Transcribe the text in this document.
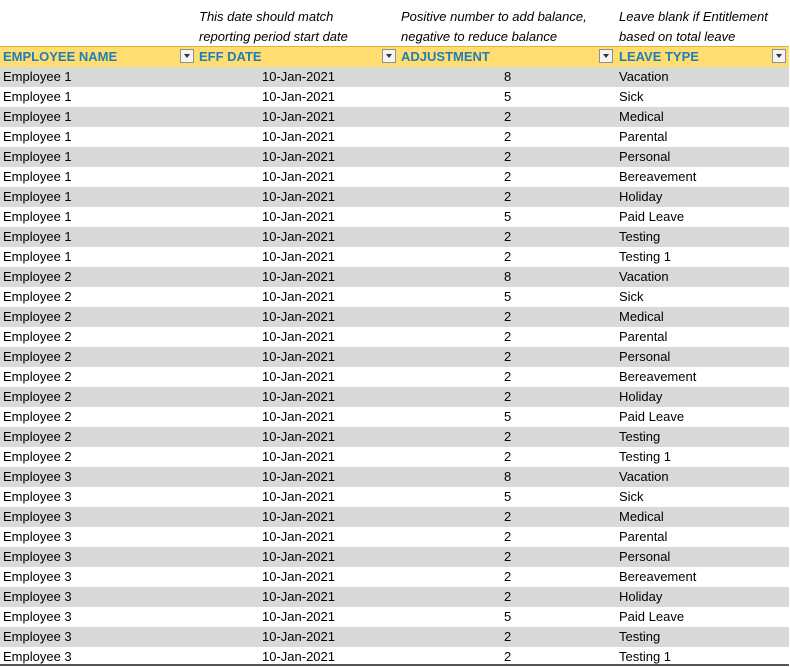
This date should match
reporting period start date
Positive number to add balance,
negative to reduce balance
Leave blank if Entitlement
based on total leave
EMPLOYEE NAME	EFF DATE	ADJUSTMENT	LEAVE TYPE
Employee 1	10-Jan-2021	8	Vacation
Employee 1	10-Jan-2021	5	Sick
Employee 1	10-Jan-2021	2	Medical
Employee 1	10-Jan-2021	2	Parental
Employee 1	10-Jan-2021	2	Personal
Employee 1	10-Jan-2021	2	Bereavement
Employee 1	10-Jan-2021	2	Holiday
Employee 1	10-Jan-2021	5	Paid Leave
Employee 1	10-Jan-2021	2	Testing
Employee 1	10-Jan-2021	2	Testing 1
Employee 2	10-Jan-2021	8	Vacation
Employee 2	10-Jan-2021	5	Sick
Employee 2	10-Jan-2021	2	Medical
Employee 2	10-Jan-2021	2	Parental
Employee 2	10-Jan-2021	2	Personal
Employee 2	10-Jan-2021	2	Bereavement
Employee 2	10-Jan-2021	2	Holiday
Employee 2	10-Jan-2021	5	Paid Leave
Employee 2	10-Jan-2021	2	Testing
Employee 2	10-Jan-2021	2	Testing 1
Employee 3	10-Jan-2021	8	Vacation
Employee 3	10-Jan-2021	5	Sick
Employee 3	10-Jan-2021	2	Medical
Employee 3	10-Jan-2021	2	Parental
Employee 3	10-Jan-2021	2	Personal
Employee 3	10-Jan-2021	2	Bereavement
Employee 3	10-Jan-2021	2	Holiday
Employee 3	10-Jan-2021	5	Paid Leave
Employee 3	10-Jan-2021	2	Testing
Employee 3	10-Jan-2021	2	Testing 1
